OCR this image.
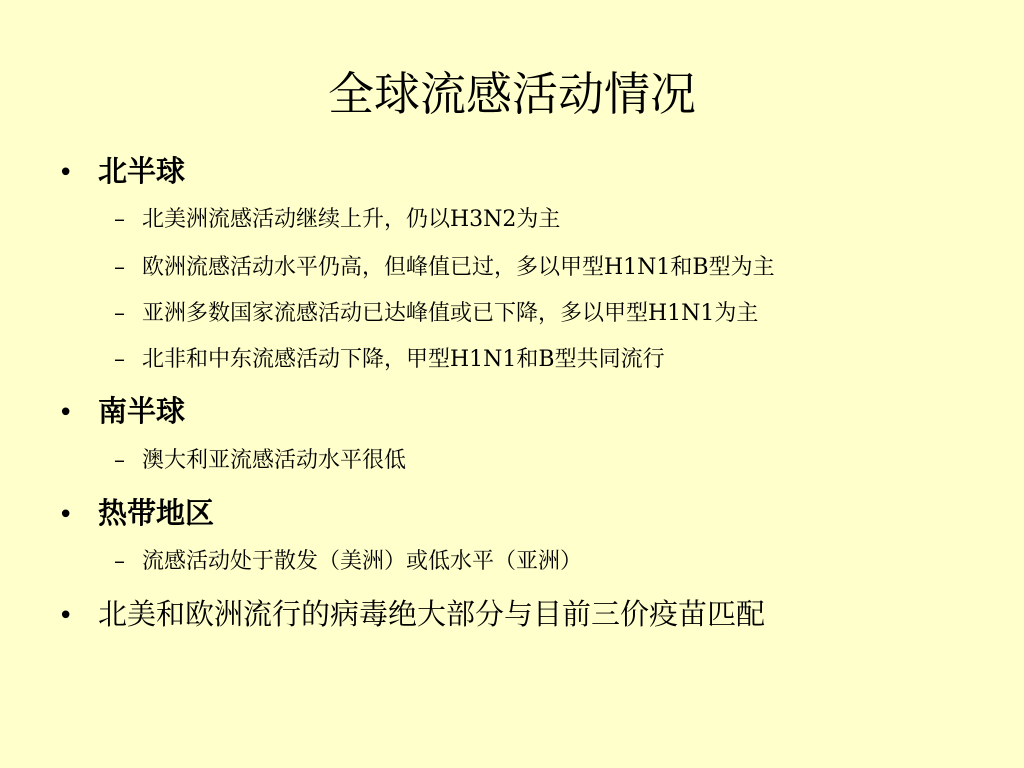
全球流感活动情况
• 北半球
– 北美洲流感活动继续上升，仍以H3N2为主
– 欧洲流感活动水平仍高，但峰值已过，多以甲型H1N1和B型为主
– 亚洲多数国家流感活动已达峰值或已下降，多以甲型H1N1为主
– 北非和中东流感活动下降，甲型H1N1和B型共同流行
• 南半球
– 澳大利亚流感活动水平很低
• 热带地区
– 流感活动处于散发（美洲）或低水平（亚洲）
• 北美和欧洲流行的病毒绝大部分与目前三价疫苗匹配
